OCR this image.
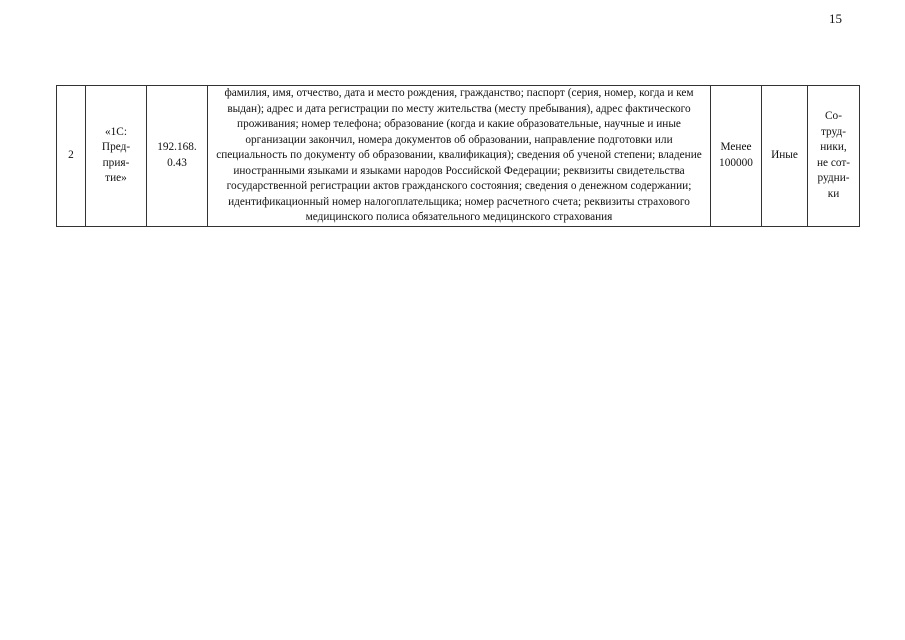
15
2	«1С:
Пред-
прия-
тие»	192.168.
0.43	фамилия, имя, отчество, дата и место рождения, гражданство; паспорт (серия, номер, когда и кем выдан); адрес и дата регистрации по месту жительства (месту пребывания), адрес фактического проживания; номер телефона; образование (когда и какие образовательные, научные и иные организации закончил, номера документов об образовании, направление подготовки или специальность по документу об образовании, квалификация); сведения об ученой степени; владение иностранными языками и языками народов Российской Федерации; реквизиты свидетельства государственной регистрации актов гражданского состояния; сведения о денежном содержании; идентификационный номер налогоплательщика; номер расчетного счета; реквизиты страхового медицинского полиса обязательного медицинского страхования	Менее
100000	Иные	Со-
труд-
ники,
не сот-
рудни-
ки
